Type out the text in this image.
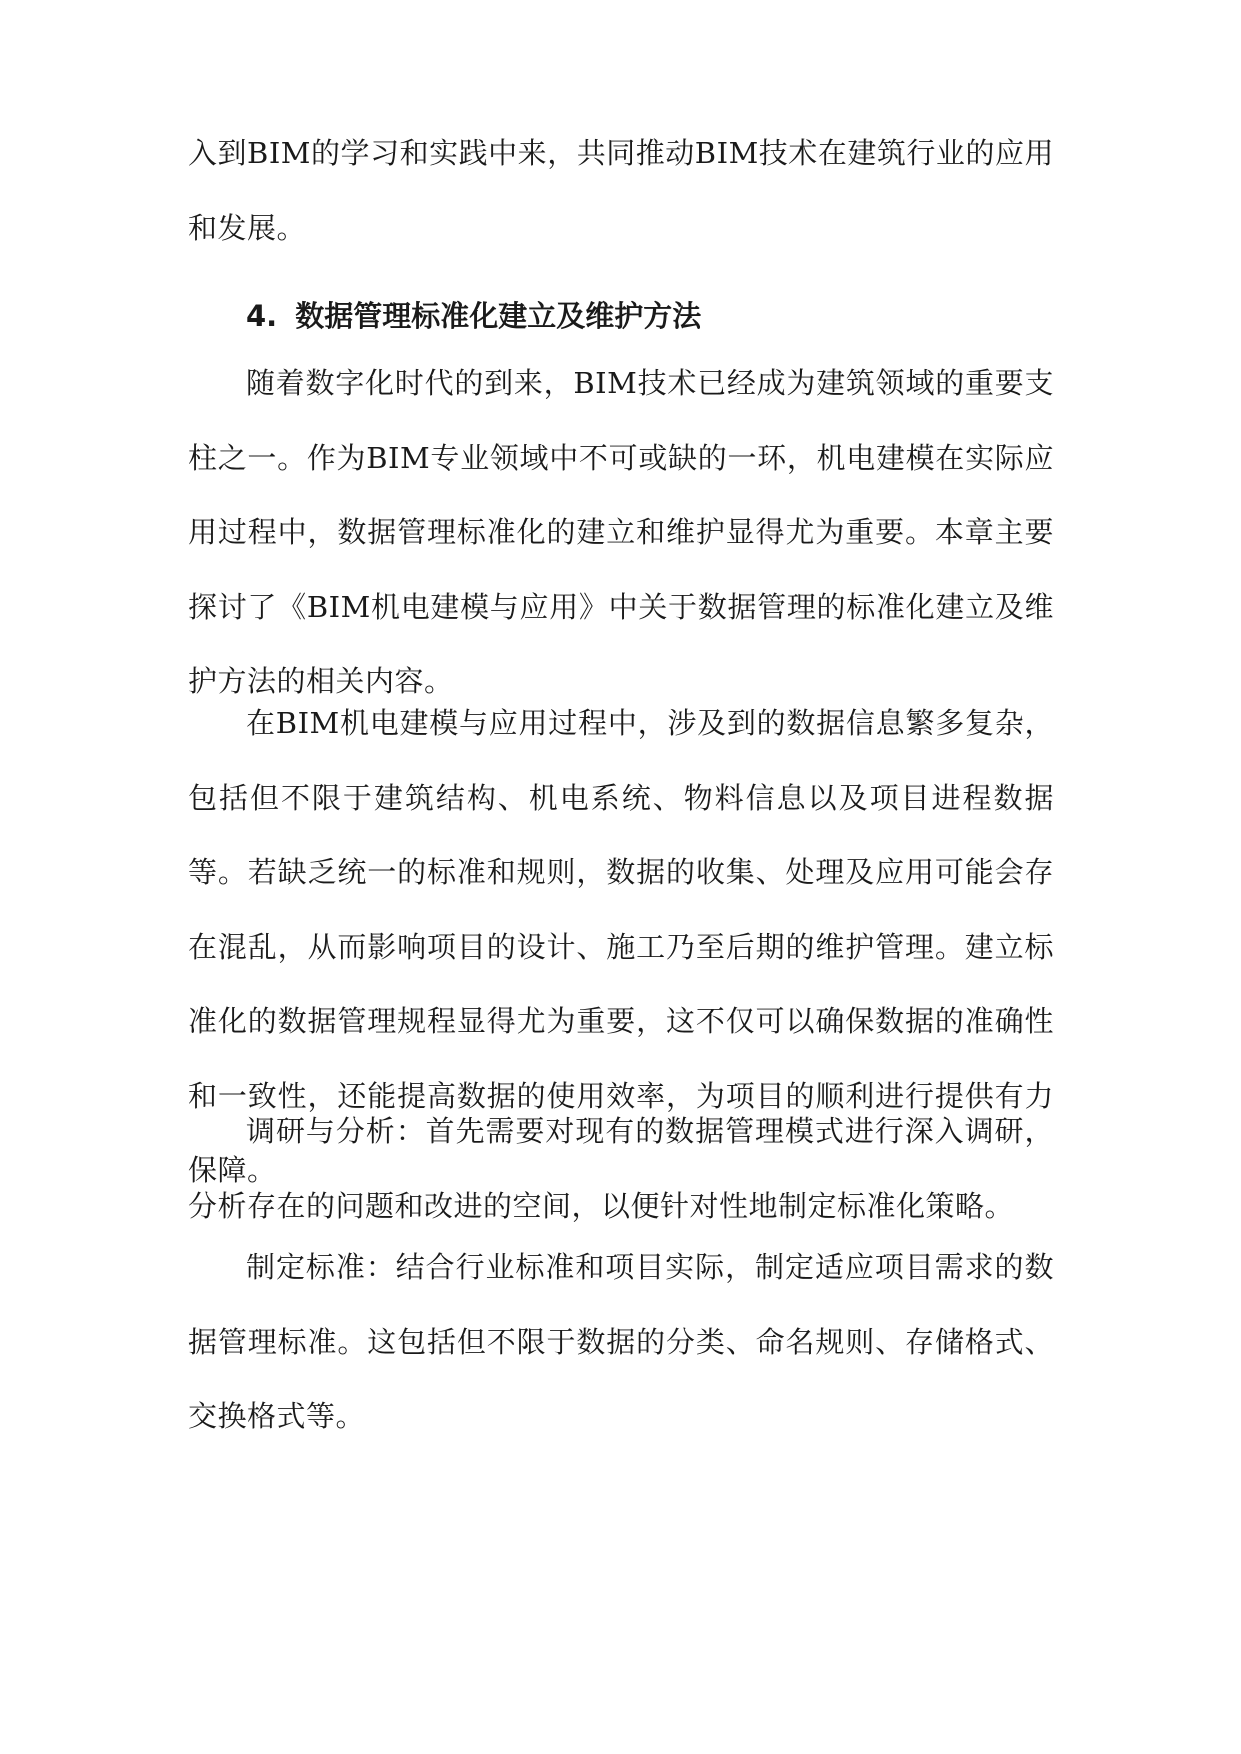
入到BIM的学习和实践中来，共同推动BIM技术在建筑行业的应用和发展。

4. 数据管理标准化建立及维护方法

随着数字化时代的到来，BIM技术已经成为建筑领域的重要支柱之一。作为BIM专业领域中不可或缺的一环，机电建模在实际应用过程中，数据管理标准化的建立和维护显得尤为重要。本章主要探讨了《BIM机电建模与应用》中关于数据管理的标准化建立及维护方法的相关内容。

在BIM机电建模与应用过程中，涉及到的数据信息繁多复杂，包括但不限于建筑结构、机电系统、物料信息以及项目进程数据等。若缺乏统一的标准和规则，数据的收集、处理及应用可能会存在混乱，从而影响项目的设计、施工乃至后期的维护管理。建立标准化的数据管理规程显得尤为重要，这不仅可以确保数据的准确性和一致性，还能提高数据的使用效率，为项目的顺利进行提供有力保障。

调研与分析：首先需要对现有的数据管理模式进行深入调研，分析存在的问题和改进的空间，以便针对性地制定标准化策略。

制定标准：结合行业标准和项目实际，制定适应项目需求的数据管理标准。这包括但不限于数据的分类、命名规则、存储格式、交换格式等。
